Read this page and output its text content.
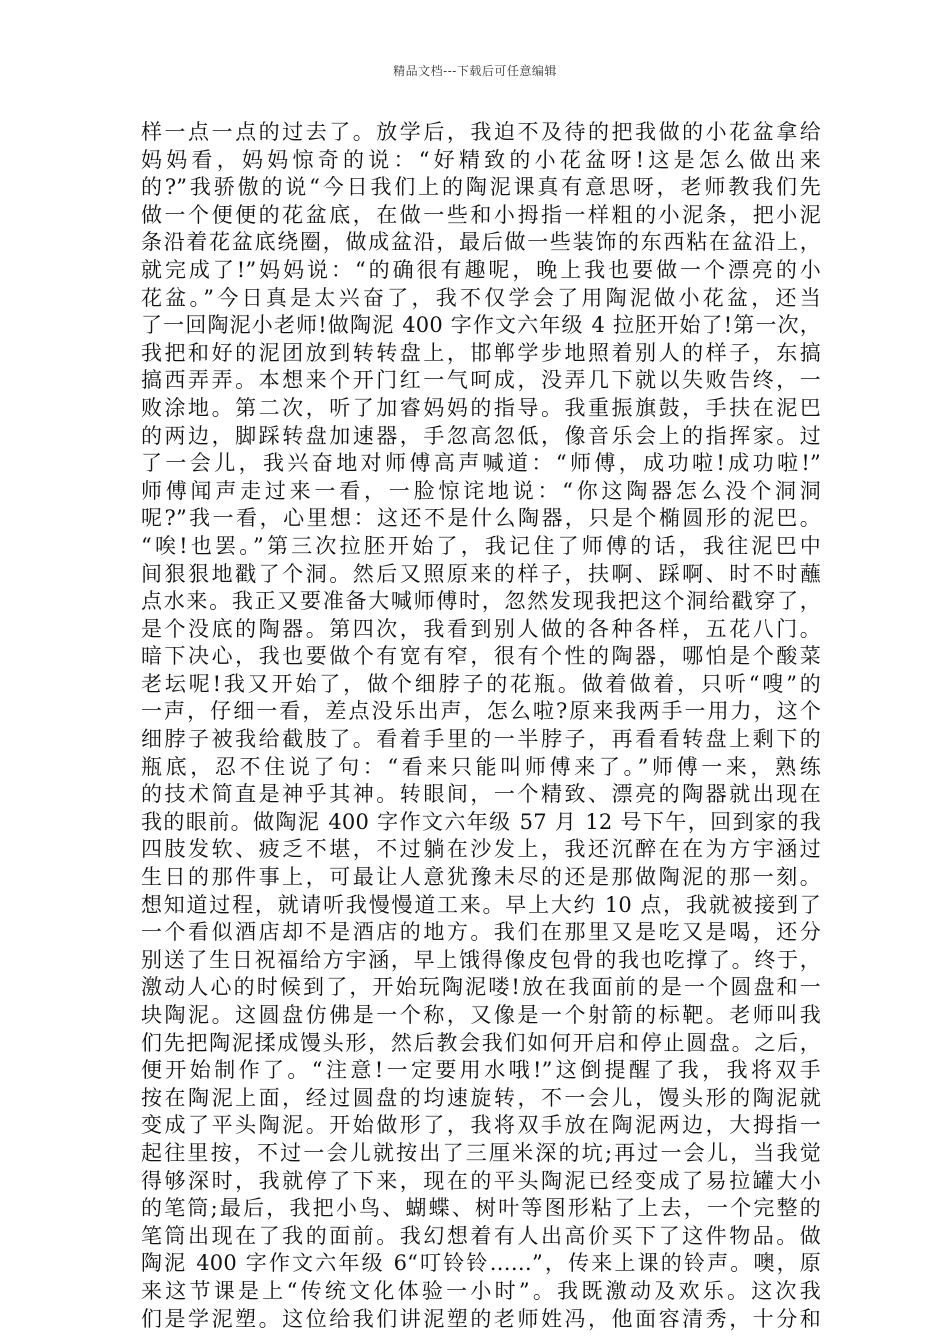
精品文档---下载后可任意编辑
样一点一点的过去了。放学后，我迫不及待的把我做的小花盆拿给
妈妈看，妈妈惊奇的说：“好精致的小花盆呀!这是怎么做出来
的?”我骄傲的说“今日我们上的陶泥课真有意思呀，老师教我们先
做一个便便的花盆底，在做一些和小拇指一样粗的小泥条，把小泥
条沿着花盆底绕圈，做成盆沿，最后做一些装饰的东西粘在盆沿上，
就完成了!”妈妈说：“的确很有趣呢，晚上我也要做一个漂亮的小
花盆。”今日真是太兴奋了，我不仅学会了用陶泥做小花盆，还当
了一回陶泥小老师!做陶泥 400 字作文六年级 4 拉胚开始了!第一次，
我把和好的泥团放到转转盘上，邯郸学步地照着别人的样子，东搞
搞西弄弄。本想来个开门红一气呵成，没弄几下就以失败告终，一
败涂地。第二次，听了加睿妈妈的指导。我重振旗鼓，手扶在泥巴
的两边，脚踩转盘加速器，手忽高忽低，像音乐会上的指挥家。过
了一会儿，我兴奋地对师傅高声喊道：“师傅，成功啦!成功啦!”
师傅闻声走过来一看，一脸惊诧地说：“你这陶器怎么没个洞洞
呢?”我一看，心里想：这还不是什么陶器，只是个椭圆形的泥巴。
“唉!也罢。”第三次拉胚开始了，我记住了师傅的话，我往泥巴中
间狠狠地戳了个洞。然后又照原来的样子，扶啊、踩啊、时不时蘸
点水来。我正又要准备大喊师傅时，忽然发现我把这个洞给戳穿了，
是个没底的陶器。第四次，我看到别人做的各种各样，五花八门。
暗下决心，我也要做个有宽有窄，很有个性的陶器，哪怕是个酸菜
老坛呢!我又开始了，做个细脖子的花瓶。做着做着，只听“嗖”的
一声，仔细一看，差点没乐出声，怎么啦?原来我两手一用力，这个
细脖子被我给截肢了。看着手里的一半脖子，再看看转盘上剩下的
瓶底，忍不住说了句：“看来只能叫师傅来了。”师傅一来，熟练
的技术简直是神乎其神。转眼间，一个精致、漂亮的陶器就出现在
我的眼前。做陶泥 400 字作文六年级 57 月 12 号下午，回到家的我
四肢发软、疲乏不堪，不过躺在沙发上，我还沉醉在在为方宇涵过
生日的那件事上，可最让人意犹豫未尽的还是那做陶泥的那一刻。
想知道过程，就请听我慢慢道工来。早上大约 10 点，我就被接到了
一个看似酒店却不是酒店的地方。我们在那里又是吃又是喝，还分
别送了生日祝福给方宇涵，早上饿得像皮包骨的我也吃撑了。终于，
激动人心的时候到了，开始玩陶泥喽!放在我面前的是一个圆盘和一
块陶泥。这圆盘仿佛是一个称，又像是一个射箭的标靶。老师叫我
们先把陶泥揉成馒头形，然后教会我们如何开启和停止圆盘。之后，
便开始制作了。“注意!一定要用水哦!”这倒提醒了我，我将双手
按在陶泥上面，经过圆盘的均速旋转，不一会儿，馒头形的陶泥就
变成了平头陶泥。开始做形了，我将双手放在陶泥两边，大拇指一
起往里按，不过一会儿就按出了三厘米深的坑;再过一会儿，当我觉
得够深时，我就停了下来，现在的平头陶泥已经变成了易拉罐大小
的笔筒;最后，我把小鸟、蝴蝶、树叶等图形粘了上去，一个完整的
笔筒出现在了我的面前。我幻想着有人出高价买下了这件物品。做
陶泥 400 字作文六年级 6“叮铃铃……”，传来上课的铃声。噢，原
来这节课是上“传统文化体验一小时”。我既激动及欢乐。这次我
们是学泥塑。这位给我们讲泥塑的老师姓冯，他面容清秀，十分和
